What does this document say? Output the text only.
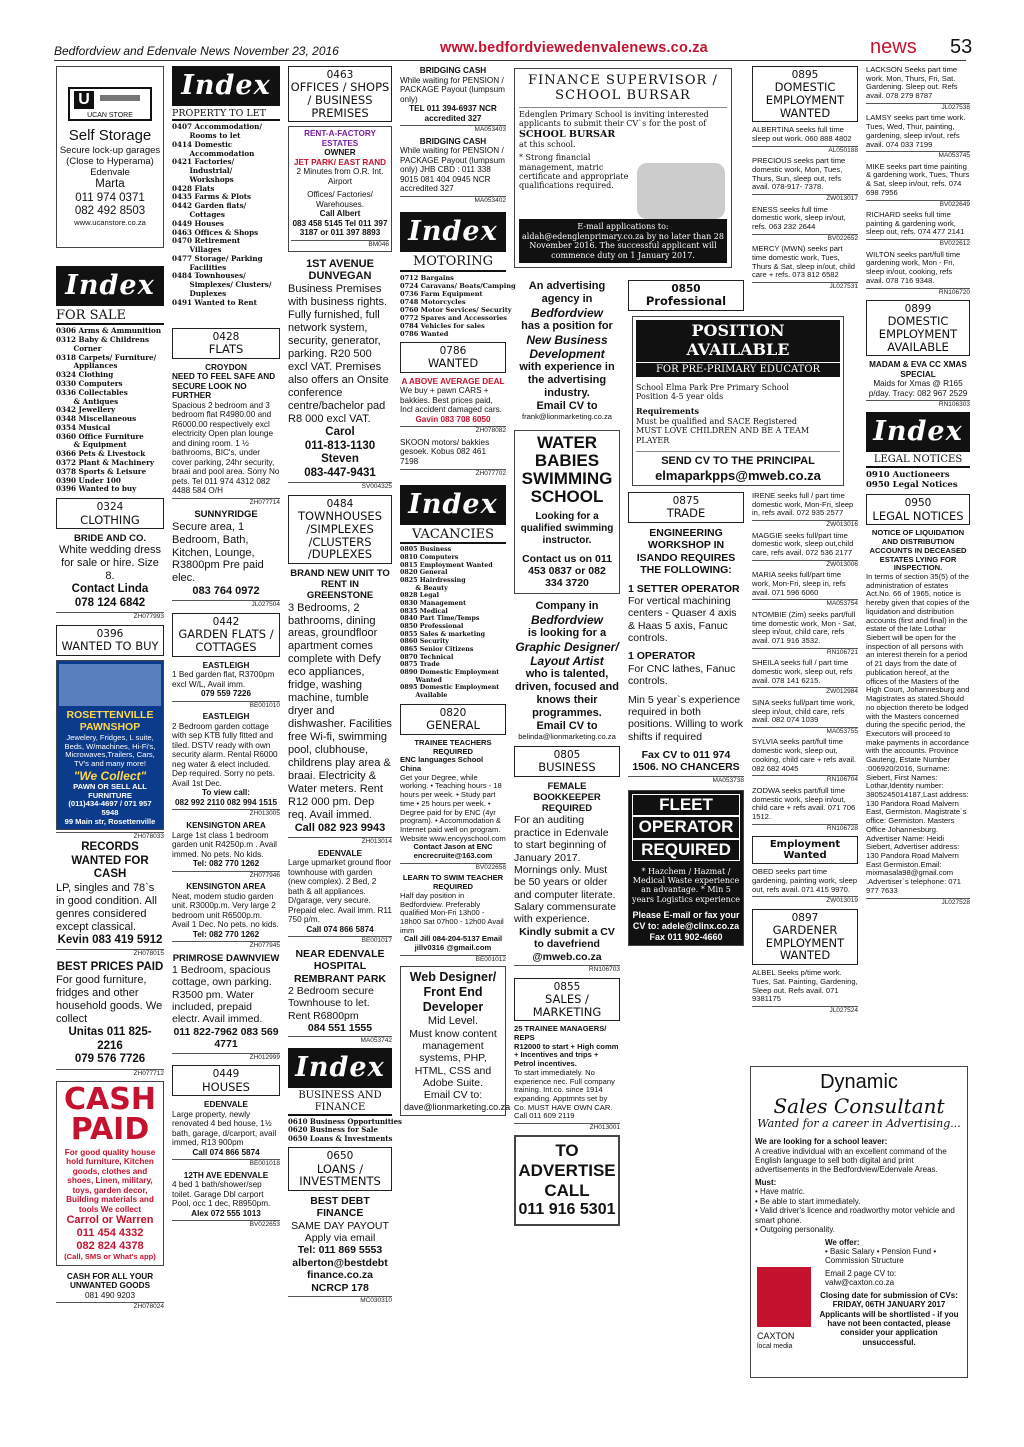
Bedfordview and Edenvale News November 23, 2016	www.bedfordviewedenvalenews.co.za	news 53
U
UCAN STORE
Self Storage
Secure lock-up garages
(Close to Hyperama)
Edenvale
Marta
011 974 0371
082 492 8503
www.ucanstore.co.za
Index
FOR SALE
0306 Arms & Ammunition
0312 Baby & Childrens
Corner
0318 Carpets/ Furniture/
Appliances
0324 Clothing
0330 Computers
0336 Collectables
& Antiques
0342 Jewellery
0348 Miscellaneous
0354 Musical
0360 Office Furniture
& Equipment
0366 Pets & Livestock
0372 Plant & Machinery
0378 Sports & Leisure
0390 Under 100
0396 Wanted to buy
0324
CLOTHING
BRIDE AND CO.
White wedding dress for sale or hire. Size 8.
Contact Linda
078 124 6842
ZH077993
0396
WANTED TO BUY
ROSETTENVILLE PAWNSHOP
Jewelery, Fridges, L suite, Beds, W/machines, Hi-Fi's, Microwaves,Trailers, Cars, TV's and many more!
"We Collect"
PAWN OR SELL ALL FURNITURE
(011)434-4697 / 071 957 5948
99 Main str, Rosettenville
ZH078033
RECORDS WANTED FOR CASH
LP, singles and 78`s in good condition. All genres considered except classical.
Kevin 083 419 5912
ZH078015
BEST PRICES PAID
For good furniture, fridges and other household goods. We collect
Unitas 011 825-2216
079 576 7726
ZH077712
CASH
PAID
For good quality house hold furniture, Kitchen goods, clothes and shoes, Linen, military, toys, garden decor, Building materials and tools We collect
Carrol or Warren
011 454 4332
082 824 4378
(Call, SMS or What's app)
CASH FOR ALL YOUR UNWANTED GOODS
081 490 9203
ZH078024
Index
PROPERTY TO LET
0407 Accommodation/
Rooms to let
0414 Domestic
Accommodation
0421 Factories/
Industrial/
Workshops
0428 Flats
0435 Farms & Plots
0442 Garden flats/
Cottages
0449 Houses
0463 Offices & Shops
0470 Retirement
Villages
0477 Storage/ Parking
Facilities
0484 Townhouses/
Simplexes/ Clusters/
Duplexes
0491 Wanted to Rent
0428
FLATS
CROYDON
NEED TO FEEL SAFE AND SECURE LOOK NO FURTHER
Spacious 2 bedroom and 3 bedroom flat R4980.00 and R6000.00 respectively excl electricity Open plan lounge and dining room. 1 ½ bathrooms, BIC's, under cover parking, 24hr security, braai and pool area. Sorry No pets. Tel 011 974 4312 082 4488 584 O/H
ZH077714
SUNNYRIDGE
Secure area, 1 Bedroom, Bath, Kitchen, Lounge, R3800pm Pre paid elec.
083 764 0972
JL027504
0442
GARDEN FLATS / COTTAGES
EASTLEIGH
1 Bed garden flat, R3700pm excl W/L, Avail imm.
079 559 7226
BE001010
EASTLEIGH
2 Bedroom garden cottage with sep KTB fully fitted and tiled. DSTV ready with own security alarm. Rental R6000 neg water & elect included. Dep required. Sorry no pets. Avail 1st Dec.
To view call:
082 992 2110 082 994 1515
ZH013005
KENSINGTON AREA
Large 1st class 1 bedroom garden unit R4250p.m . Avail immed. No pets. No kids.
Tel: 082 770 1262
ZH077946
KENSINGTON AREA
Neat, modern studio garden unit. R3000p.m. Very large 2 bedroom unit R6500p.m. Avail 1 Dec. No pets. no kids.
Tel: 082 770 1262
ZH077945
PRIMROSE DAWNVIEW
1 Bedroom, spacious cottage, own parking. R3500 pm. Water included, prepaid electr. Avail immed.
011 822-7962 083 569 4771
ZH012999
0449
HOUSES
EDENVALE
Large property, newly renovated 4 bed house, 1½ bath, garage, d/carport, avail immed, R13 900pm
Call 074 866 5874
BE001018
12TH AVE EDENVALE
4 bed 1 bath/shower/sep toilet. Garage Dbl carport Pool, occ 1 dec, R8950pm.
Alex 072 555 1013
BV022653
0463
OFFICES / SHOPS / BUSINESS PREMISES
RENT-A-FACTORY ESTATES
OWNER
JET PARK/ EAST RAND
2 Minutes from O.R. Int. Airport
Offices/ Factories/ Warehouses.
Call Albert
083 458 5145 Tel 011 397 3187 or 011 397 8893
BM046
1ST AVENUE DUNVEGAN
Business Premises with business rights. Fully furnished, full network system, security, generator, parking. R20 500 excl VAT. Premises also offers an Onsite conference centre/bachelor pad R8 000 excl VAT.
Carol
011-813-1130
Steven
083-447-9431
SV004325
0484
TOWNHOUSES /SIMPLEXES /CLUSTERS /DUPLEXES
BRAND NEW UNIT TO RENT IN GREENSTONE
3 Bedrooms, 2 bathrooms, dining areas, groundfloor apartment comes complete with Defy eco appliances, fridge, washing machine, tumble dryer and dishwasher. Facilities free Wi-fi, swimming pool, clubhouse, childrens play area & braai. Electricity & Water meters. Rent R12 000 pm. Dep req. Avail immed.
Call 082 923 9943
ZH013014
EDENVALE
Large upmarket ground floor townhouse with garden (new complex). 2 Bed, 2 bath & all appliances. D/garage, very secure. Prepaid elec. Avail imm. R11 750 p/m.
Call 074 866 5874
BE001017
NEAR EDENVALE HOSPITAL REMBRANT PARK
2 Bedroom secure Townhouse to let. Rent R6800pm
084 551 1555
MA053742
Index
BUSINESS AND FINANCE
0610 Business Opportunities
0620 Business for Sale
0650 Loans & Investments
0650
LOANS / INVESTMENTS
BEST DEBT FINANCE
SAME DAY PAYOUT Apply via email
Tel: 011 869 5553
alberton@bestdebt finance.co.za
NCRCP 178
MC030310
BRIDGING CASH
While waiting for PENSION / PACKAGE Payout (lumpsum only)
TEL 011 394-6937 NCR accredited 327
MA053403
BRIDGING CASH
While waiting for PENSION / PACKAGE Payout (lumpsum only) JHB CBD : 011 338 9015 081 404 0945 NCR accredited 327
MA053402
Index
MOTORING
0712 Bargains
0724 Caravans/ Boats/Camping
0736 Farm Equipment
0748 Motorcycles
0760 Motor Services/ Security
0772 Spares and Accessories
0784 Vehicles for sales
0786 Wanted
0786
WANTED
A ABOVE AVERAGE DEAL
We buy + pawn CARS + bakkies. Best prices paid, Incl accident damaged cars.
Gavin 083 708 6050
ZH078082
SKOON motors/ bakkies gesoek. Kobus 082 461 7198
ZH077702
Index
VACANCIES
0805 Business
0810 Computers
0815 Employment Wanted
0820 General
0825 Hairdressing
& Beauty
0828 Legal
0830 Management
0835 Medical
0840 Part Time/Temps
0850 Professional
0855 Sales & marketing
0860 Security
0865 Senior Citizens
0870 Technical
0875 Trade
0890 Domestic Employment
Wanted
0895 Domestic Employment
Available
0820
GENERAL
TRAINEE TEACHERS REQUIRED
ENC languages School China
Get your Degree, while working. • Teaching hours - 18 hours per week. • Study part time • 25 hours per week. • Degree paid for by ENC (4yr program). • Accommodation & Internet paid well on program. Website www.encyyschool.com
Contact Jason at ENC encrecruite@163.com
BV022658
LEARN TO SWIM TEACHER REQUIRED
Half day position in Bedfordview. Preferably qualified Mon-Fri 13h00 - 18h00 Sat 07h00 - 12h00 Avail imm
Call Jill 084-204-5137 Email jillv0316 @gmail.com
BE001012
Web Designer/ Front End Developer
Mid Level.
Must know content management systems, PHP, HTML, CSS and Adobe Suite.
Email CV to:
dave@lionmarketing.co.za
FINANCE SUPERVISOR /
SCHOOL BURSAR
Edenglen Primary School is inviting interested applicants to submit their CV`s for the post of
SCHOOL BURSAR
at this school.
* Strong financial management, matric certificate and appropriate qualifications required.
E-mail applications to: aldah@edenglenprimary.co.za by no later than 28 November 2016. The successful applicant will commence duty on 1 January 2017.
An advertising agency in
Bedfordview
has a position for
New Business Development
with experience in the advertising industry.
Email CV to
frank@lionmarketing.co.za
WATER BABIES SWIMMING SCHOOL
Looking for a qualified swimming instructor.
Contact us on 011 453 0837 or 082 334 3720
Company in
Bedfordview
is looking for a
Graphic Designer/ Layout Artist
who is talented, driven, focused and knows their programmes.
Email CV to
belinda@lionmarketing.co.za
0805
BUSINESS
FEMALE BOOKKEEPER REQUIRED
For an auditing practice in Edenvale to start beginning of January 2017. Mornings only. Must be 50 years or older and computer literate. Salary commensurate with experience.
Kindly submit a CV to davefriend @mweb.co.za
RN106703
0855
SALES / MARKETING
25 TRAINEE MANAGERS/ REPS
R12000 to start + High comm + Incentives and trips + Petrol incentives.
To start immediately. No experience nec. Full company training. Int.co. since 1914 expanding. Apptmnts set by Co. MUST HAVE OWN CAR. Call 011 609 2119
ZH013001
TO
ADVERTISE
CALL
011 916 5301
0850
Professional
POSITION AVAILABLE
FOR PRE-PRIMARY EDUCATOR
School Elma Park Pre Primary School
Position 4-5 year olds
Requirements
Must be qualified and SACE Registered
MUST LOVE CHILDREN AND BE A TEAM PLAYER
SEND CV TO THE PRINCIPAL
elmaparkpps@mweb.co.za
0875
TRADE
ENGINEERING WORKSHOP IN ISANDO REQUIRES THE FOLLOWING:
1 SETTER OPERATOR
For vertical machining centers - Quaser 4 axis & Haas 5 axis, Fanuc controls.
1 OPERATOR
For CNC lathes, Fanuc controls.
Min 5 year`s experience required in both positions. Willing to work shifts if required
Fax CV to 011 974 1506. NO CHANCERS
MA053738
FLEET
OPERATOR
REQUIRED
* Hazchem / Hazmat / Medical Waste experience an advantage. * Min 5 years Logistics experience
Please E-mail or fax your CV to: adele@clinx.co.za Fax 011 902-4660
0895
DOMESTIC EMPLOYMENT WANTED
ALBERTINA seeks full time sleep out work. 060 888 4802
AL050188
PRECIOUS seeks part time domestic work, Mon, Tues, Thurs, Sun, sleep out, refs avail. 078-917- 7378.
ZW013017
ENESS seeks full time domestic work, sleep in/out, refs. 063 232 2644
BV022652
MERCY (MWN) seeks part time domestic work, Tues, Thurs & Sat, sleep in/out, child care + refs. 073 812 6582
JL027531
IRENE seeks full / part time domestic work, Mon-Fri, sleep in, refs avail. 072 935 2577
ZW013016
MAGGIE seeks full/part time domestic work, sleep out,child care, refs avail. 072 536 2177
ZW013006
MARIA seeks full/part time work, Mon-Fri, sleep in, refs avail. 071 596 6060
MA053754
NTOMBIE (Zim) seeks part/full time domestic work, Mon - Sat, sleep in/out, child care, refs avail. 071 916 3532.
RN106721
SHEILA seeks full / part time domestic work, sleep out, refs avail. 078 141 6215.
ZW012984
SINA seeks full/part time work, sleep in/out, child care, refs avail. 082 074 1039
MA053755
SYLVIA seeks part/full time domestic work, sleep out, cooking, child care + refs avail. 082 682 4045
RN106704
ZODWA seeks part/full time domestic work, sleep in/out, child care + refs avail. 071 706 1512.
RN106728
Employment Wanted
OBED seeks part time gardening, painting work, sleep out, refs avail. 071 415 9970.
ZW013019
0897
GARDENER EMPLOYMENT WANTED
ALBEL Seeks p/time work. Tues, Sat. Painting, Gardening, Sleep out. Refs avail. 071 9381175
JL027524
LACKSON Seeks part time work. Mon, Thurs, Fri, Sat. Gardening. Sleep out. Refs avail. 078 279 8787
JL027538
LAMSY seeks part time work. Tues, Wed, Thur, painting, gardening, sleep in/out, refs avail. 074 033 7199
MA053745
MIKE seeks part time painting & gardening work, Tues, Thurs & Sat, sleep in/out, refs. 074 698 7956
BV022649
RICHARD seeks full time painting & gardening work, sleep out, refs. 074 477 2141
BV022612
WILTON seeks part/full time gardening work, Mon - Fri, sleep in/out, cooking, refs avail. 078 716 9348.
RN106720
0899
DOMESTIC EMPLOYMENT AVAILABLE
MADAM & EVA CC XMAS SPECIAL
Maids for Xmas @ R165 p/day. Tracy: 082 967 2529
RN106303
Index
LEGAL NOTICES
0910 Auctioneers
0950 Legal Notices
0950
LEGAL NOTICES
NOTICE OF LIQUIDATION AND DISTRIBUTION ACCOUNTS IN DECEASED ESTATES LYING FOR INSPECTION.
In terms of section 35(5) of the administration of estates Act.No. 66 of 1965, notice is hereby given that copies of the liquidation and distribution accounts (first and final) in the estate of the late Lothar Siebert will be open for the inspection of all persons with an interest therein for a period of 21 days from the date of publication hereof, at the offices of the Masters of the High Court, Johannesburg and Magistrates as stated.Should no objection thereto be lodged with the Masters concerned during the specific period, the Executors will proceed to make payments in accordance with the accounts. Province Gauteng, Estate Number :006920/2016, Surname: Siebert, First Names: Lothar,Identity number: 3805245014187,Last address: 130 Pandora Road Malvern East, Germiston. Magistrate`s office: Germiston. Masters Office Johannesburg. Advertiser Name: Heidi Siebert, Advertiser address: 130 Pandora Road Malvern East Germiston.Email: mixmasala98@gmail.com .Advertiser`s telephone: 071 977 7633
JL027528
Dynamic
Sales Consultant
Wanted for a career in Advertising...
We are looking for a school leaver:
A creative individual with an excellent command of the English language to sell both digital and print advertisements in the Bedfordview/Edenvale Areas.
Must:
• Have matric.
• Be able to start immediately.
• Valid driver's licence and roadworthy motor vehicle and smart phone.
• Outgoing personality.
We offer:
• Basic Salary • Pension Fund • Commission Structure
Email 2 page CV to: valw@caxton.co.za
Closing date for submission of CVs:
FRIDAY, 06TH JANUARY 2017
Applicants will be shortlisted - if you have not been contacted, please consider your application unsuccessful.
CAXTON
local media
